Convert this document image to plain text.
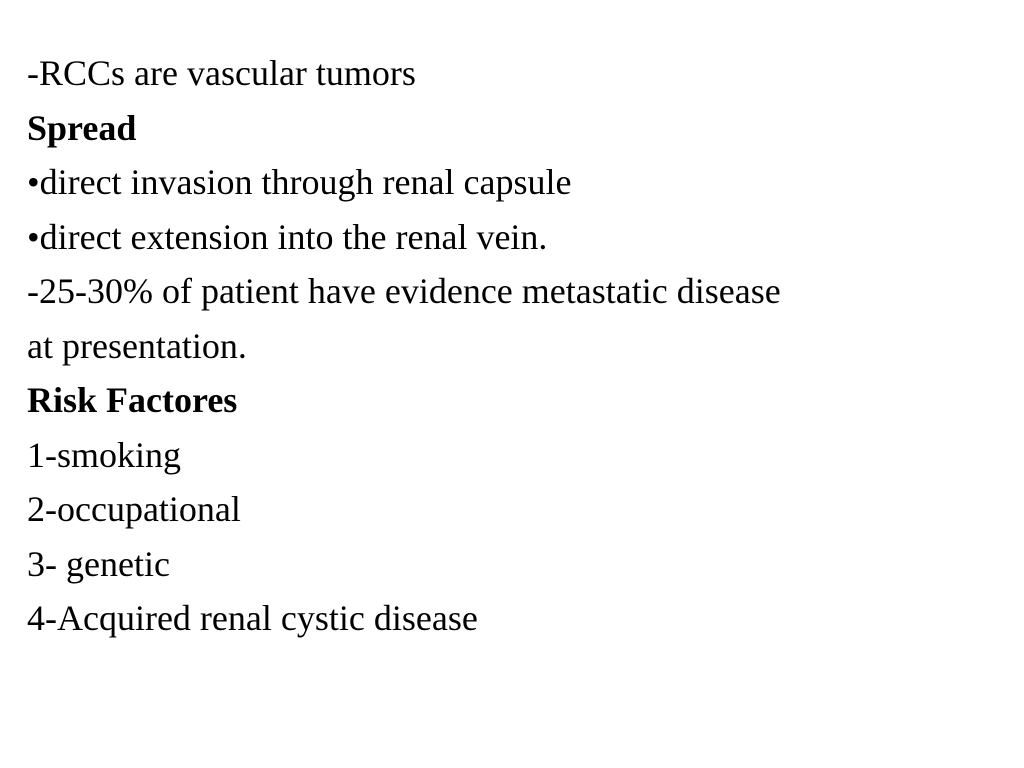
-RCCs are vascular tumors
Spread
•direct invasion through renal capsule
•direct extension into the renal vein.
-25-30% of patient have evidence metastatic disease
at presentation.
Risk Factores
1-smoking
2-occupational
3- genetic
4-Acquired renal cystic disease
